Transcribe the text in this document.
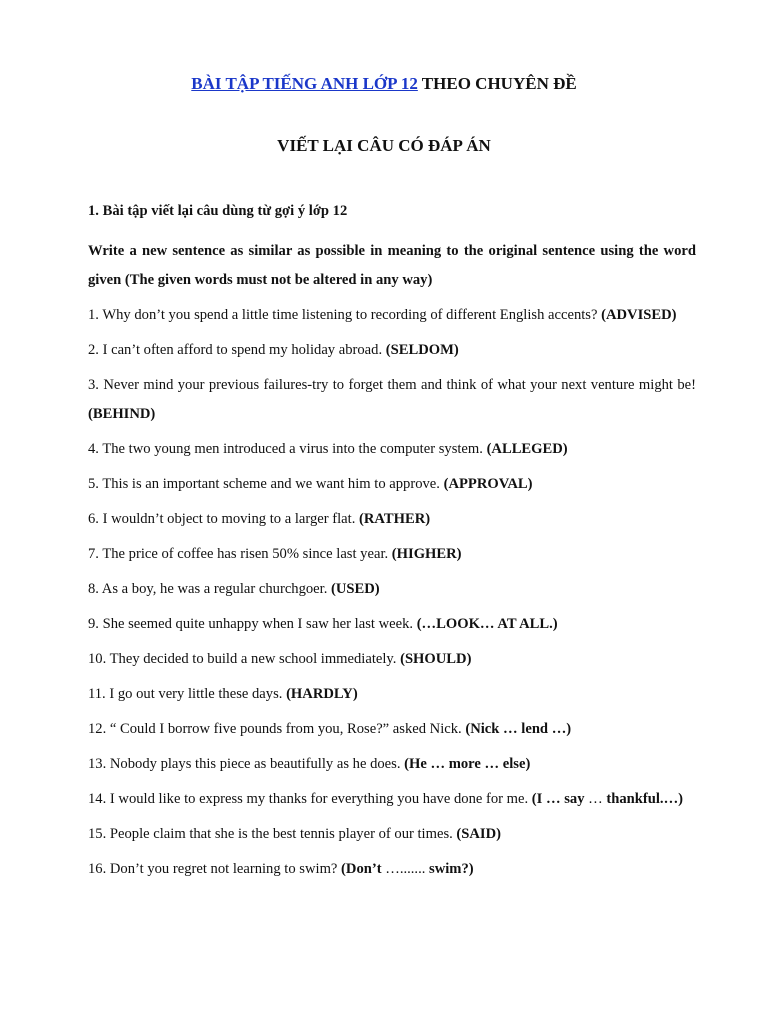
BÀI TẬP TIẾNG ANH LỚP 12 THEO CHUYÊN ĐỀ
VIẾT LẠI CÂU CÓ ĐÁP ÁN
1. Bài tập viết lại câu dùng từ gợi ý lớp 12
Write a new sentence as similar as possible in meaning to the original sentence using the word given (The given words must not be altered in any way)
1. Why don’t you spend a little time listening to recording of different English accents? (ADVISED)
2. I can’t often afford to spend my holiday abroad. (SELDOM)
3. Never mind your previous failures-try to forget them and think of what your next venture might be! (BEHIND)
4. The two young men introduced a virus into the computer system. (ALLEGED)
5. This is an important scheme and we want him to approve. (APPROVAL)
6. I wouldn’t object to moving to a larger flat. (RATHER)
7. The price of coffee has risen 50% since last year. (HIGHER)
8. As a boy, he was a regular churchgoer. (USED)
9. She seemed quite unhappy when I saw her last week. (…LOOK… AT ALL.)
10. They decided to build a new school immediately. (SHOULD)
11. I go out very little these days. (HARDLY)
12. “ Could I borrow five pounds from you, Rose?” asked Nick. (Nick … lend …)
13. Nobody plays this piece as beautifully as he does. (He … more … else)
14. I would like to express my thanks for everything you have done for me. (I … say … thankful.…)
15. People claim that she is the best tennis player of our times. (SAID)
16. Don’t you regret not learning to swim? (Don’t …....... swim?)
